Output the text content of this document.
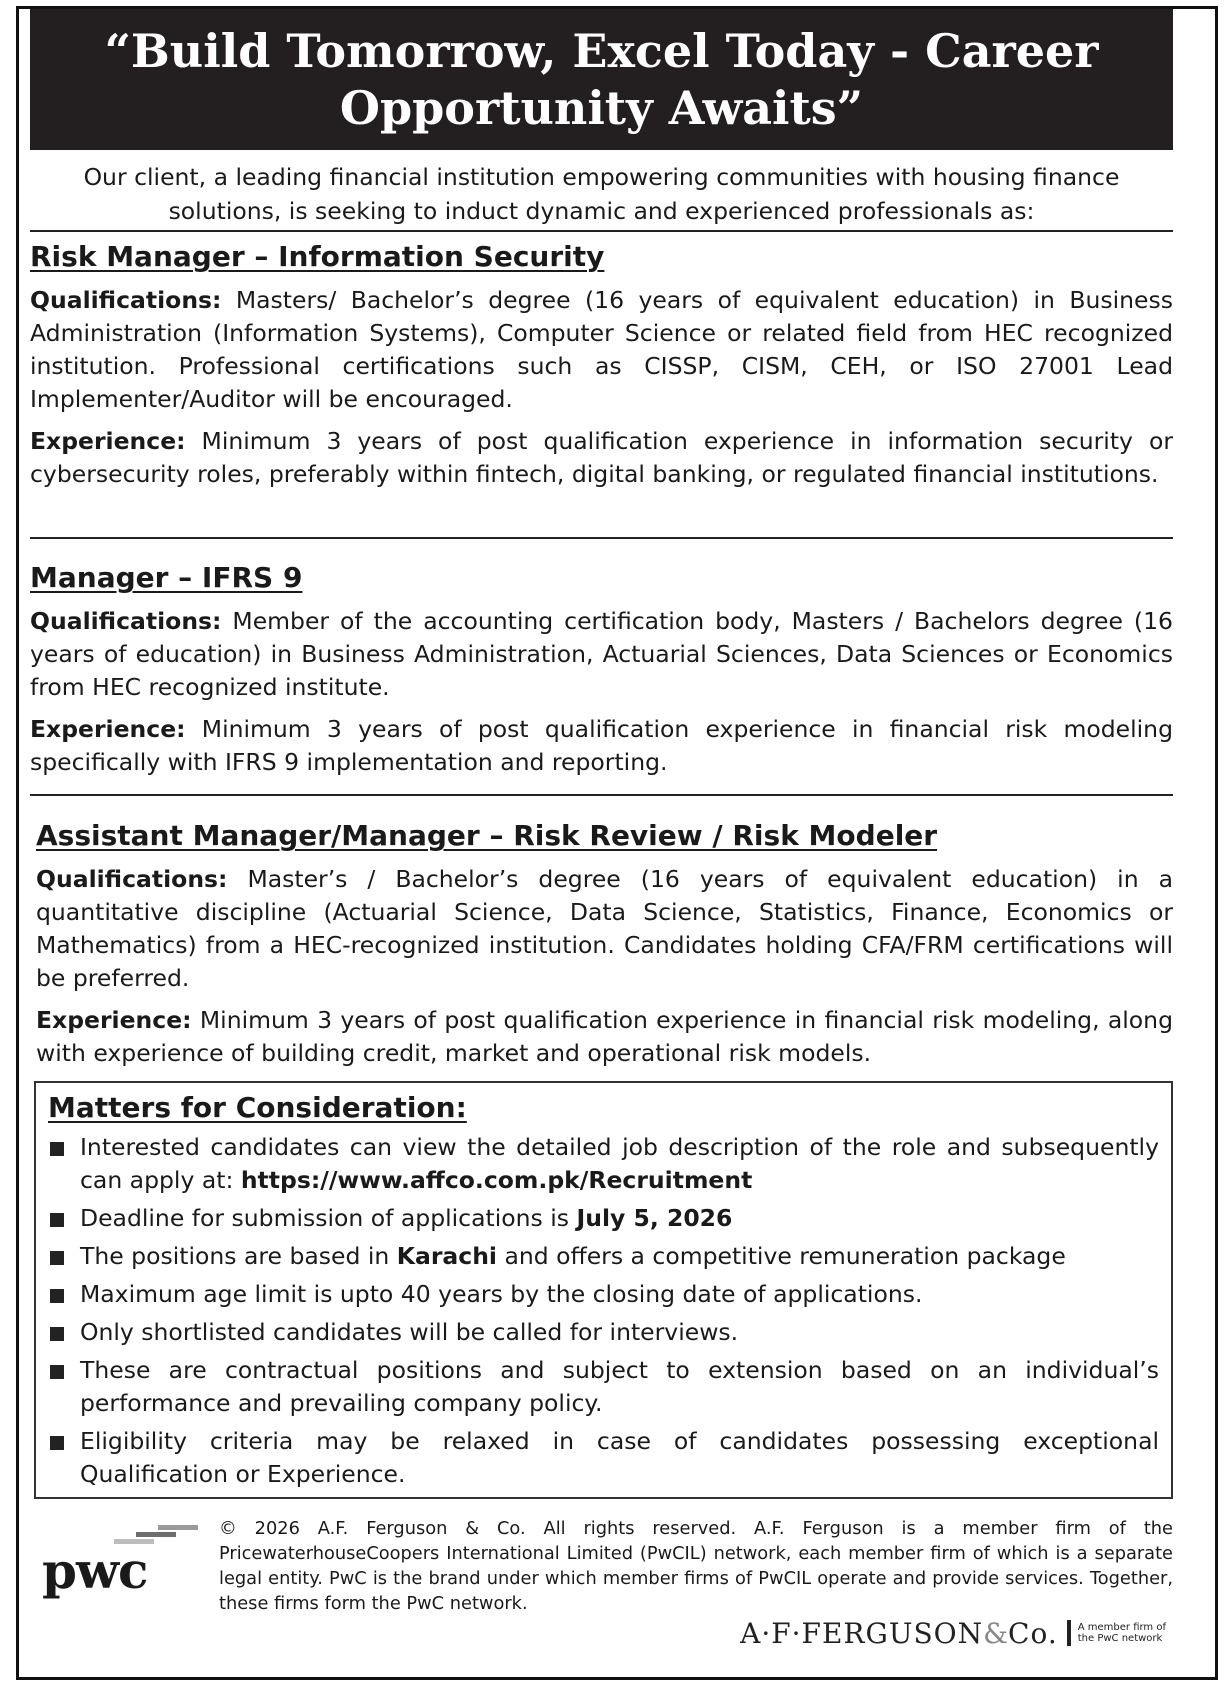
“Build Tomorrow, Excel Today - Career
Opportunity Awaits”
Our client, a leading financial institution empowering communities with housing finance solutions, is seeking to induct dynamic and experienced professionals as:
Risk Manager – Information Security

Qualifications: Masters/ Bachelor’s degree (16 years of equivalent education) in Business Administration (Information Systems), Computer Science or related field from HEC recognized institution. Professional certifications such as CISSP, CISM, CEH, or ISO 27001 Lead Implementer/Auditor will be encouraged.

Experience: Minimum 3 years of post qualification experience in information security or cybersecurity roles, preferably within fintech, digital banking, or regulated financial institutions.

Manager – IFRS 9

Qualifications: Member of the accounting certification body, Masters / Bachelors degree (16 years of education) in Business Administration, Actuarial Sciences, Data Sciences or Economics from HEC recognized institute.

Experience: Minimum 3 years of post qualification experience in financial risk modeling specifically with IFRS 9 implementation and reporting.

Assistant Manager/Manager – Risk Review / Risk Modeler

Qualifications: Master’s / Bachelor’s degree (16 years of equivalent education) in a quantitative discipline (Actuarial Science, Data Science, Statistics, Finance, Economics or Mathematics) from a HEC-recognized institution. Candidates holding CFA/FRM certifications will be preferred.

Experience: Minimum 3 years of post qualification experience in financial risk modeling, along with experience of building credit, market and operational risk models.

Matters for Consideration:
Interested candidates can view the detailed job description of the role and subsequently can apply at: https://www.affco.com.pk/Recruitment
Deadline for submission of applications is July 5, 2026
The positions are based in Karachi and offers a competitive remuneration package
Maximum age limit is upto 40 years by the closing date of applications.
Only shortlisted candidates will be called for interviews.
These are contractual positions and subject to extension based on an individual’s performance and prevailing company policy.
Eligibility criteria may be relaxed in case of candidates possessing exceptional Qualification or Experience.
pwc
© 2026 A.F. Ferguson & Co. All rights reserved. A.F. Ferguson is a member firm of the PricewaterhouseCoopers International Limited (PwCIL) network, each member firm of which is a separate legal entity. PwC is the brand under which member firms of PwCIL operate and provide services. Together, these firms form the PwC network.
A·F·FERGUSON & Co. A member firm of
the PwC network
